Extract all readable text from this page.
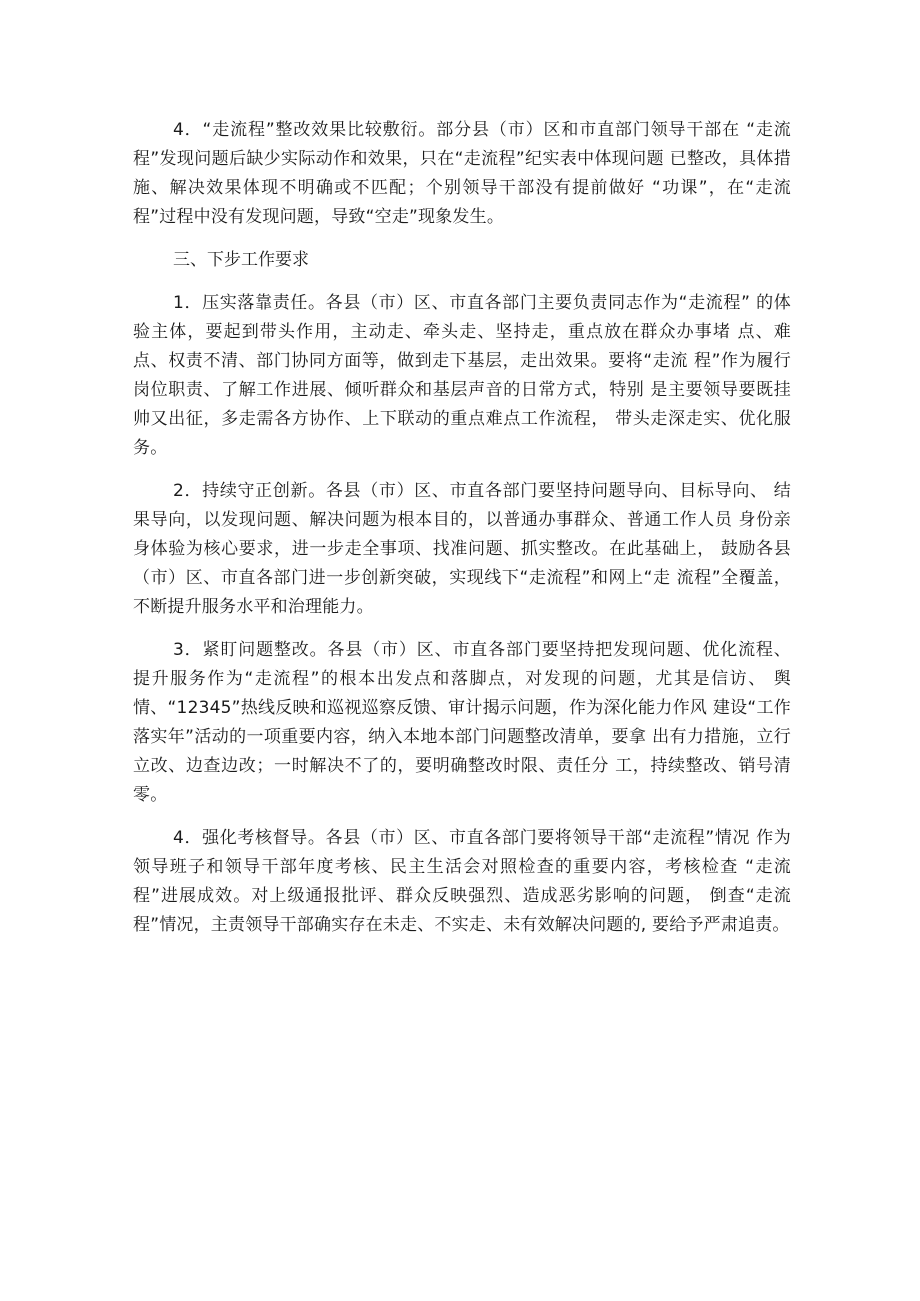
4．“走流程”整改效果比较敷衍。部分县（市）区和市直部门领导干部在 “走流程”发现问题后缺少实际动作和效果，只在“走流程”纪实表中体现问题 已整改，具体措施、解决效果体现不明确或不匹配；个别领导干部没有提前做好 “功课”，在“走流程”过程中没有发现问题，导致“空走”现象发生。

三、下步工作要求

1．压实落靠责任。各县（市）区、市直各部门主要负责同志作为“走流程” 的体验主体，要起到带头作用，主动走、牵头走、坚持走，重点放在群众办事堵 点、难点、权责不清、部门协同方面等，做到走下基层，走出效果。要将“走流 程”作为履行岗位职责、了解工作进展、倾听群众和基层声音的日常方式，特别 是主要领导要既挂帅又出征，多走需各方协作、上下联动的重点难点工作流程， 带头走深走实、优化服务。

2．持续守正创新。各县（市）区、市直各部门要坚持问题导向、目标导向、 结果导向，以发现问题、解决问题为根本目的，以普通办事群众、普通工作人员 身份亲身体验为核心要求，进一步走全事项、找准问题、抓实整改。在此基础上， 鼓励各县（市）区、市直各部门进一步创新突破，实现线下“走流程”和网上“走 流程”全覆盖，不断提升服务水平和治理能力。

3．紧盯问题整改。各县（市）区、市直各部门要坚持把发现问题、优化流程、 提升服务作为“走流程”的根本出发点和落脚点，对发现的问题，尤其是信访、 舆情、“12345”热线反映和巡视巡察反馈、审计揭示问题，作为深化能力作风 建设“工作落实年”活动的一项重要内容，纳入本地本部门问题整改清单，要拿 出有力措施，立行立改、边查边改；一时解决不了的，要明确整改时限、责任分 工，持续整改、销号清零。

4．强化考核督导。各县（市）区、市直各部门要将领导干部“走流程”情况 作为领导班子和领导干部年度考核、民主生活会对照检查的重要内容，考核检查 “走流程”进展成效。对上级通报批评、群众反映强烈、造成恶劣影响的问题， 倒查“走流程”情况，主责领导干部确实存在未走、不实走、未有效解决问题的, 要给予严肃追责。
